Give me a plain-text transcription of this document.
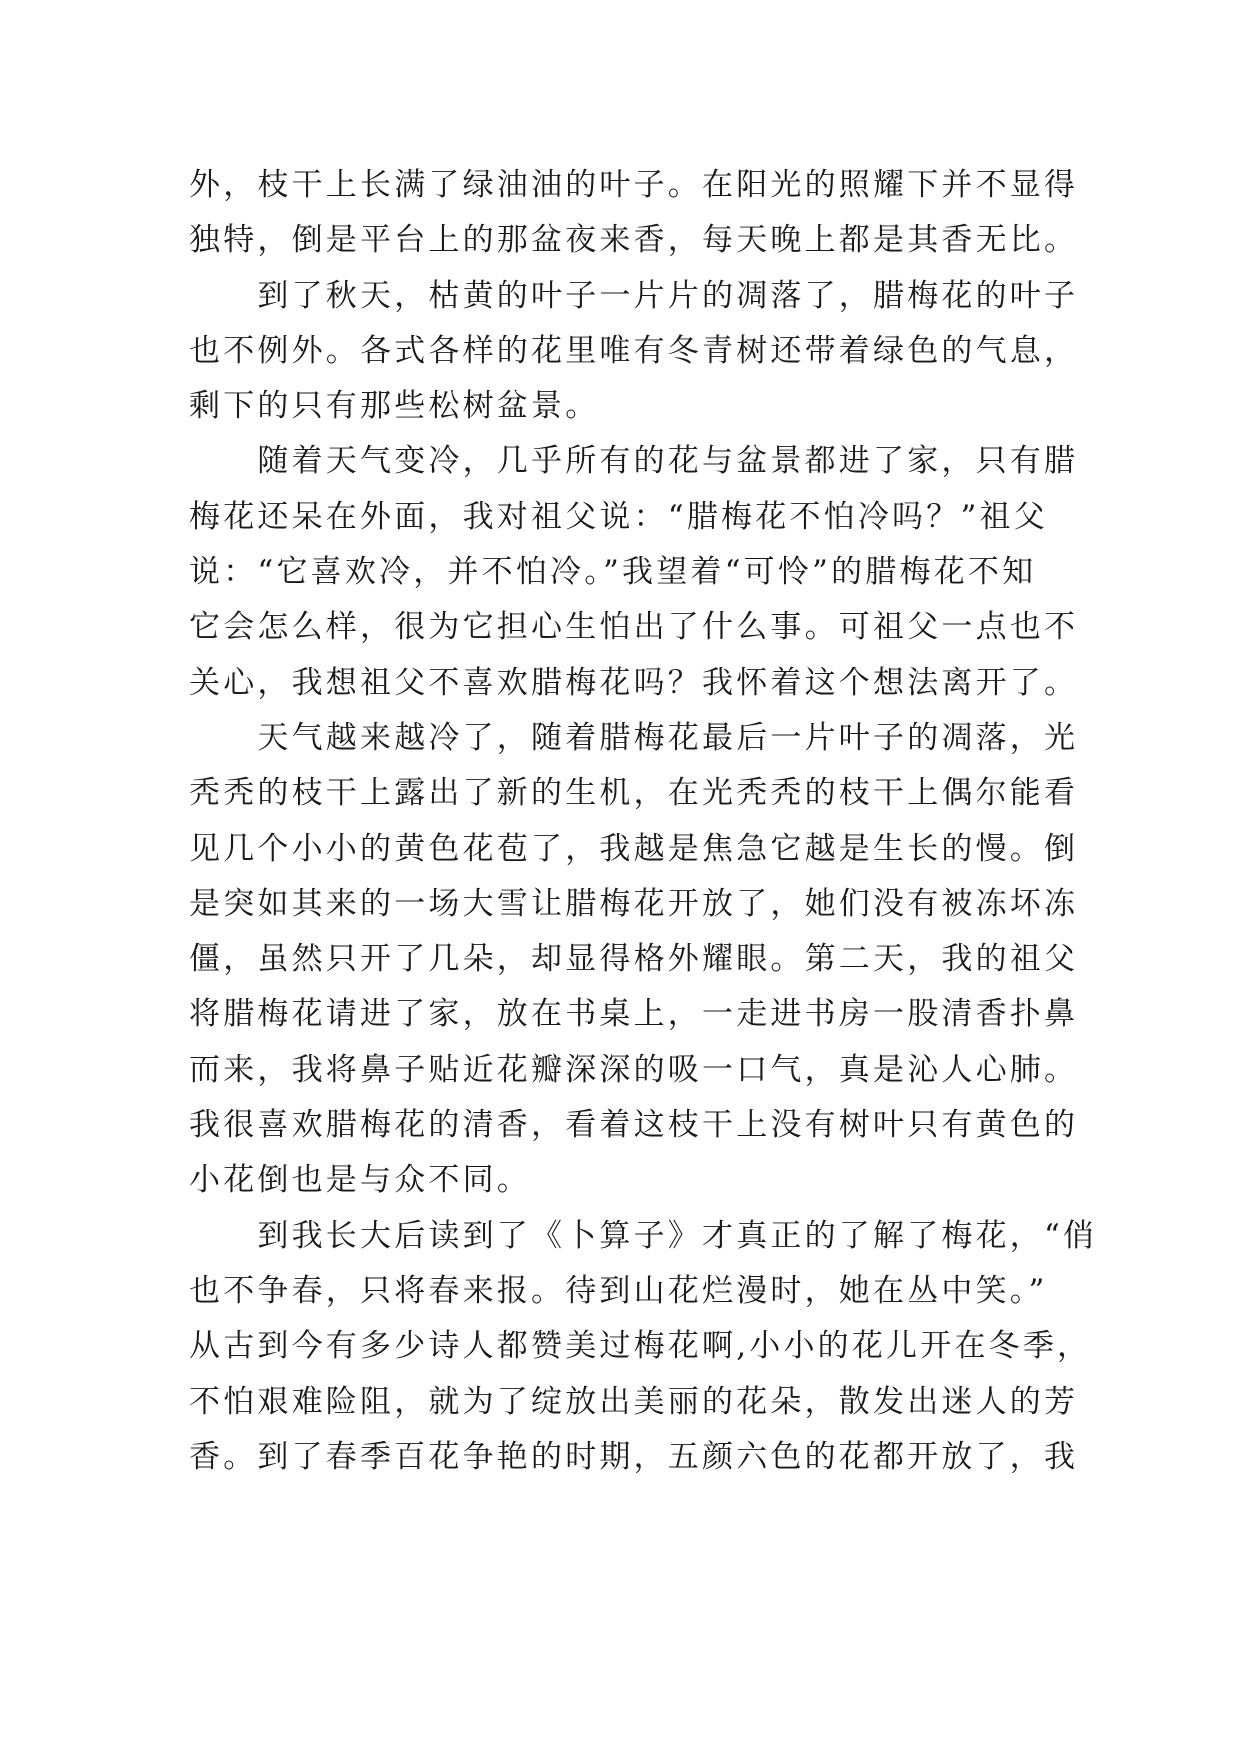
外，枝干上长满了绿油油的叶子。在阳光的照耀下并不显得
独特，倒是平台上的那盆夜来香，每天晚上都是其香无比。
　　到了秋天，枯黄的叶子一片片的凋落了，腊梅花的叶子
也不例外。各式各样的花里唯有冬青树还带着绿色的气息，
剩下的只有那些松树盆景。
　　随着天气变冷，几乎所有的花与盆景都进了家，只有腊
梅花还呆在外面，我对祖父说：“腊梅花不怕冷吗？”祖父
说：“它喜欢冷，并不怕冷。”我望着“可怜”的腊梅花不知
它会怎么样，很为它担心生怕出了什么事。可祖父一点也不
关心，我想祖父不喜欢腊梅花吗？我怀着这个想法离开了。
　　天气越来越冷了，随着腊梅花最后一片叶子的凋落，光
秃秃的枝干上露出了新的生机，在光秃秃的枝干上偶尔能看
见几个小小的黄色花苞了，我越是焦急它越是生长的慢。倒
是突如其来的一场大雪让腊梅花开放了，她们没有被冻坏冻
僵，虽然只开了几朵，却显得格外耀眼。第二天，我的祖父
将腊梅花请进了家，放在书桌上，一走进书房一股清香扑鼻
而来，我将鼻子贴近花瓣深深的吸一口气，真是沁人心肺。
我很喜欢腊梅花的清香，看着这枝干上没有树叶只有黄色的
小花倒也是与众不同。
　　到我长大后读到了《卜算子》才真正的了解了梅花，“俏
也不争春，只将春来报。待到山花烂漫时，她在丛中笑。”
从古到今有多少诗人都赞美过梅花啊,小小的花儿开在冬季，
不怕艰难险阻，就为了绽放出美丽的花朵，散发出迷人的芳
香。到了春季百花争艳的时期，五颜六色的花都开放了，我
